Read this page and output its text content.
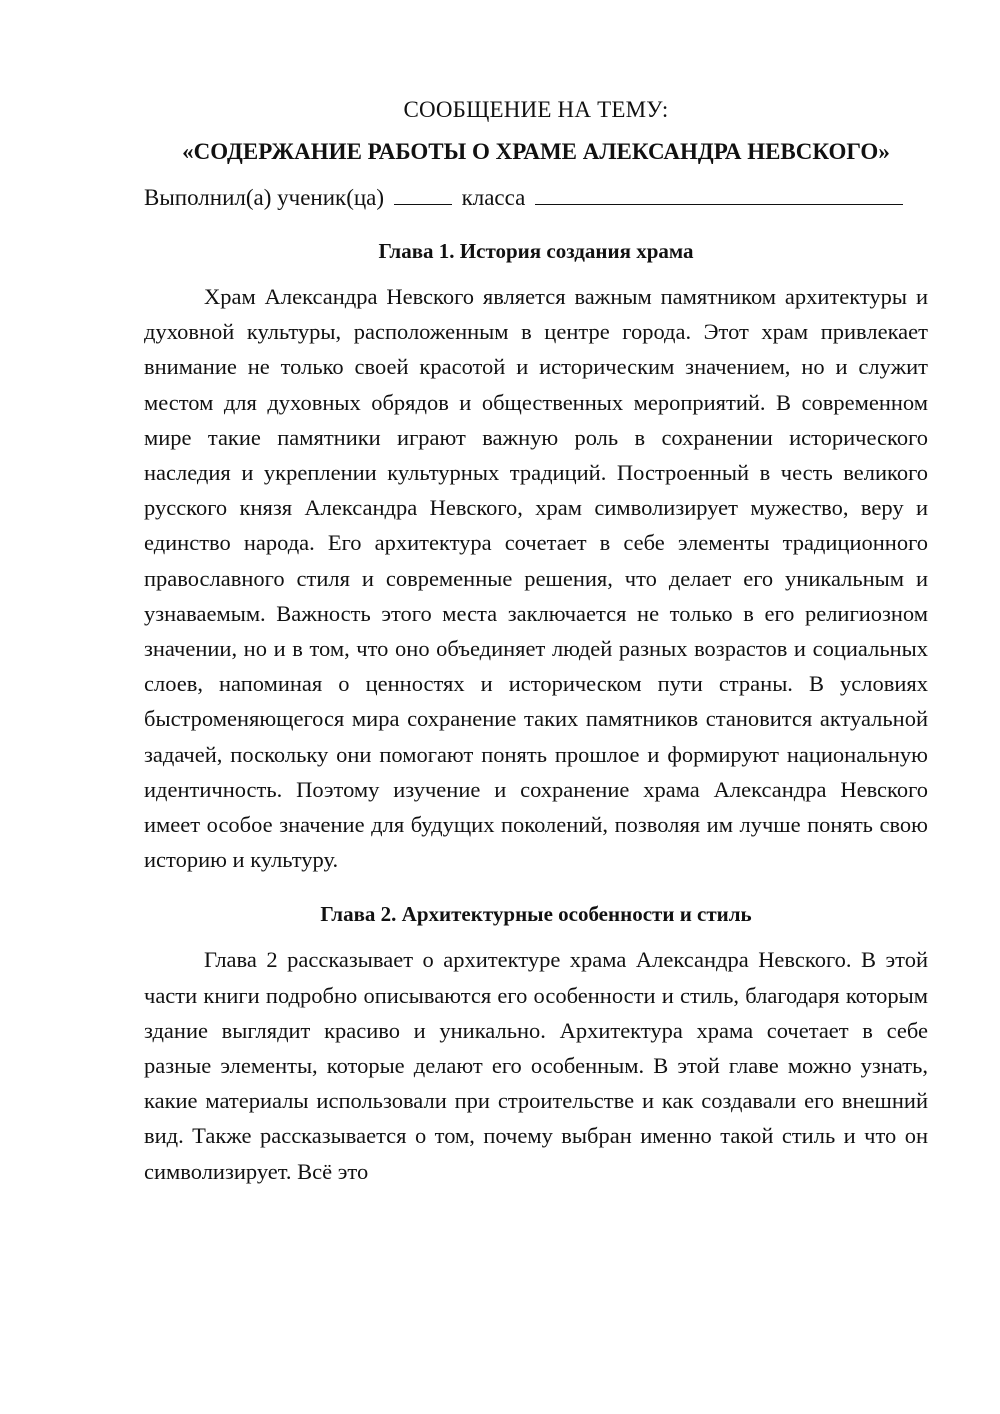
СООБЩЕНИЕ НА ТЕМУ:
«СОДЕРЖАНИЕ РАБОТЫ О ХРАМЕ АЛЕКСАНДРА НЕВСКОГО»

Выполнил(а) ученик(ца)	класса

Глава 1. История создания храма

Храм Александра Невского является важным памятником архитектуры и духовной культуры, расположенным в центре города. Этот храм привлекает внимание не только своей красотой и историческим значением, но и служит местом для духовных обрядов и общественных мероприятий. В современном мире такие памятники играют важную роль в сохранении исторического наследия и укреплении культурных традиций. Построенный в честь великого русского князя Александра Невского, храм символизирует мужество, веру и единство народа. Его архитектура сочетает в себе элементы традиционного православного стиля и современные решения, что делает его уникальным и узнаваемым. Важность этого места заключается не только в его религиозном значении, но и в том, что оно объединяет людей разных возрастов и социальных слоев, напоминая о ценностях и историческом пути страны. В условиях быстроменяющегося мира сохранение таких памятников становится актуальной задачей, поскольку они помогают понять прошлое и формируют национальную идентичность. Поэтому изучение и сохранение храма Александра Невского имеет особое значение для будущих поколений, позволяя им лучше понять свою историю и культуру.

Глава 2. Архитектурные особенности и стиль

Глава 2 рассказывает о архитектуре храма Александра Невского. В этой части книги подробно описываются его особенности и стиль, благодаря которым здание выглядит красиво и уникально. Архитектура храма сочетает в себе разные элементы, которые делают его особенным. В этой главе можно узнать, какие материалы использовали при строительстве и как создавали его внешний вид. Также рассказывается о том, почему выбран именно такой стиль и что он символизирует. Всё это
